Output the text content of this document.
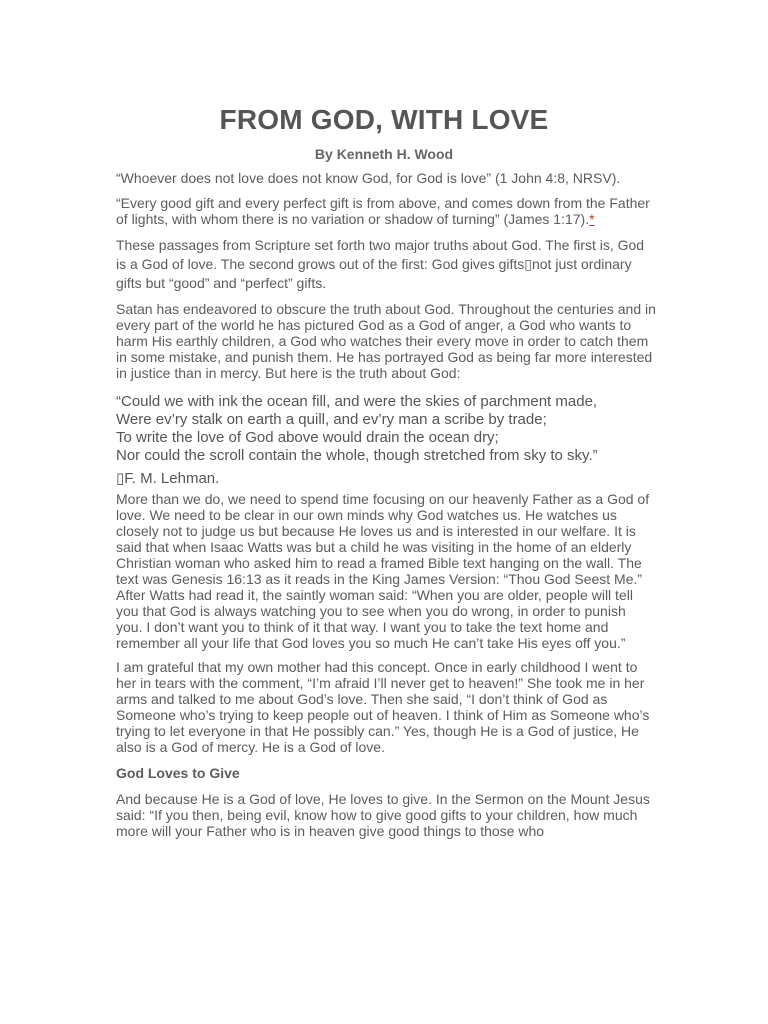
FROM GOD, WITH LOVE
By Kenneth H. Wood

“Whoever does not love does not know God, for God is love” (1 John 4:8, NRSV).

“Every good gift and every perfect gift is from above, and comes down from the Father of lights, with whom there is no variation or shadow of turning” (James 1:17).*

These passages from Scripture set forth two major truths about God. The first is, God is a God of love. The second grows out of the first: God gives gifts▯not just ordinary gifts but “good” and “perfect” gifts.

Satan has endeavored to obscure the truth about God. Throughout the centuries and in every part of the world he has pictured God as a God of anger, a God who wants to harm His earthly children, a God who watches their every move in order to catch them in some mistake, and punish them. He has portrayed God as being far more interested in justice than in mercy. But here is the truth about God:

“Could we with ink the ocean fill, and were the skies of parchment made,
Were ev’ry stalk on earth a quill, and ev’ry man a scribe by trade;
To write the love of God above would drain the ocean dry;
Nor could the scroll contain the whole, though stretched from sky to sky.”
▯F. M. Lehman.

More than we do, we need to spend time focusing on our heavenly Father as a God of love. We need to be clear in our own minds why God watches us. He watches us closely not to judge us but because He loves us and is interested in our welfare. It is said that when Isaac Watts was but a child he was visiting in the home of an elderly Christian woman who asked him to read a framed Bible text hanging on the wall. The text was Genesis 16:13 as it reads in the King James Version: “Thou God Seest Me.” After Watts had read it, the saintly woman said: “When you are older, people will tell you that God is always watching you to see when you do wrong, in order to punish you. I don’t want you to think of it that way. I want you to take the text home and remember all your life that God loves you so much He can’t take His eyes off you.”

I am grateful that my own mother had this concept. Once in early childhood I went to her in tears with the comment, “I’m afraid I’ll never get to heaven!” She took me in her arms and talked to me about God’s love. Then she said, “I don’t think of God as Someone who’s trying to keep people out of heaven. I think of Him as Someone who’s trying to let everyone in that He possibly can.” Yes, though He is a God of justice, He also is a God of mercy. He is a God of love.

God Loves to Give

And because He is a God of love, He loves to give. In the Sermon on the Mount Jesus said: “If you then, being evil, know how to give good gifts to your children, how much more will your Father who is in heaven give good things to those who
